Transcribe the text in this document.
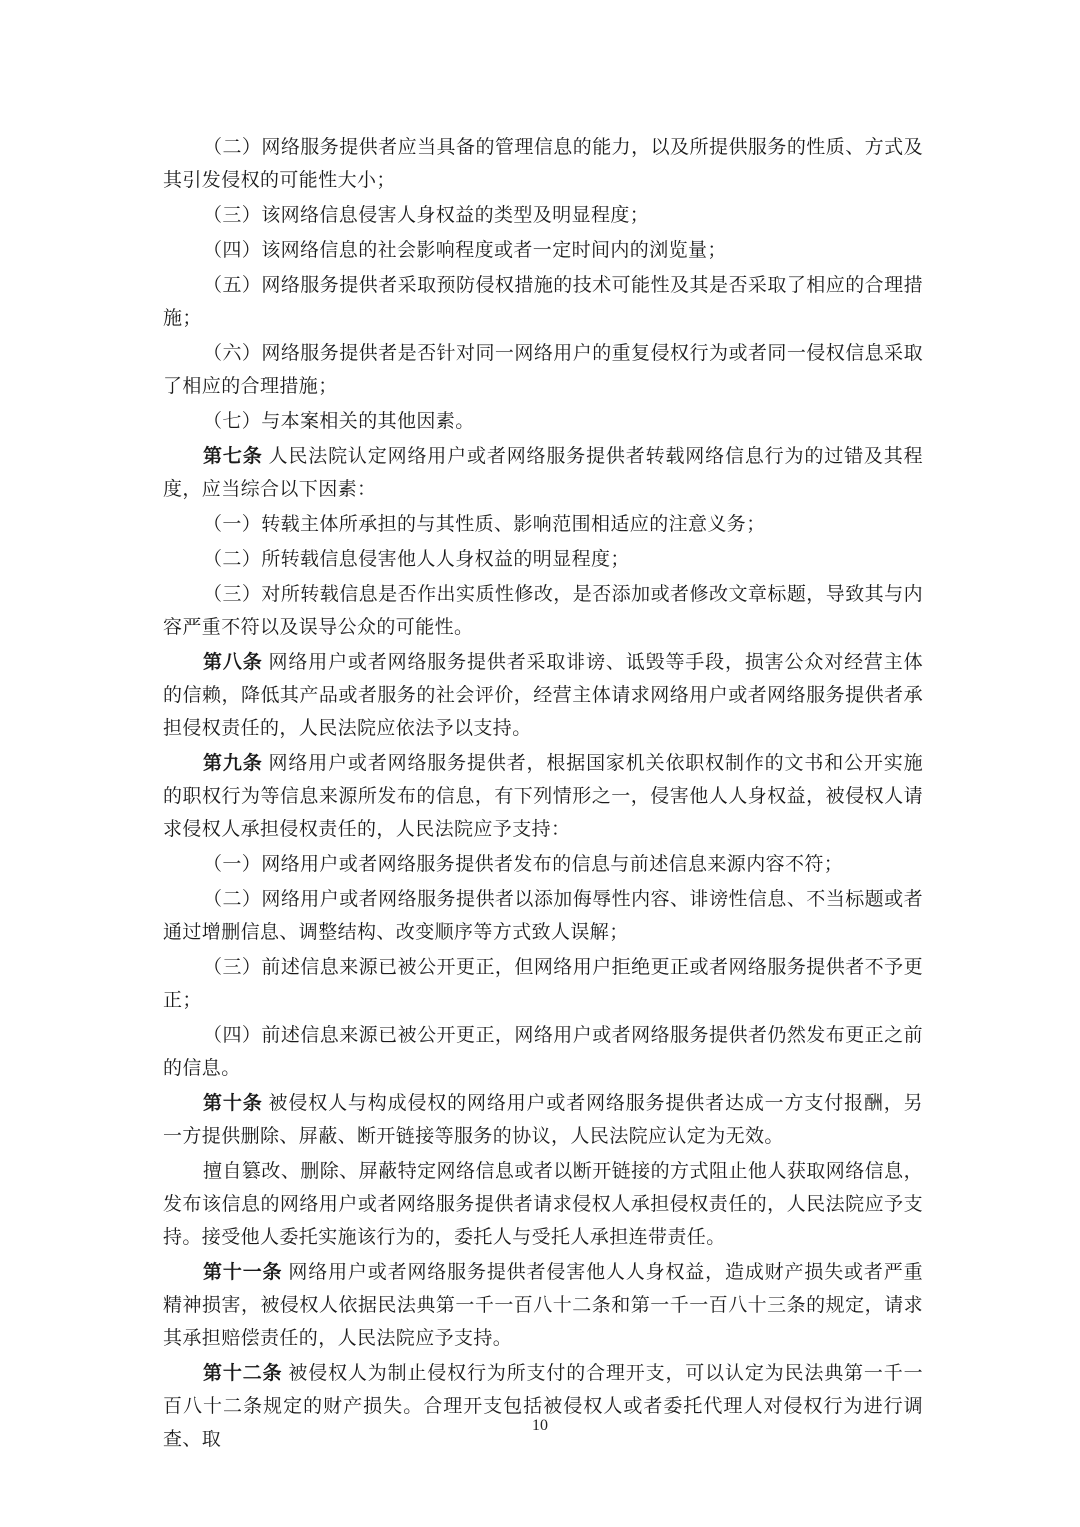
（二）网络服务提供者应当具备的管理信息的能力，以及所提供服务的性质、方式及其引发侵权的可能性大小；

（三）该网络信息侵害人身权益的类型及明显程度；

（四）该网络信息的社会影响程度或者一定时间内的浏览量；

（五）网络服务提供者采取预防侵权措施的技术可能性及其是否采取了相应的合理措施；

（六）网络服务提供者是否针对同一网络用户的重复侵权行为或者同一侵权信息采取了相应的合理措施；

（七）与本案相关的其他因素。

第七条 人民法院认定网络用户或者网络服务提供者转载网络信息行为的过错及其程度，应当综合以下因素：

（一）转载主体所承担的与其性质、影响范围相适应的注意义务；

（二）所转载信息侵害他人人身权益的明显程度；

（三）对所转载信息是否作出实质性修改，是否添加或者修改文章标题，导致其与内容严重不符以及误导公众的可能性。

第八条 网络用户或者网络服务提供者采取诽谤、诋毁等手段，损害公众对经营主体的信赖，降低其产品或者服务的社会评价，经营主体请求网络用户或者网络服务提供者承担侵权责任的，人民法院应依法予以支持。

第九条 网络用户或者网络服务提供者，根据国家机关依职权制作的文书和公开实施的职权行为等信息来源所发布的信息，有下列情形之一，侵害他人人身权益，被侵权人请求侵权人承担侵权责任的，人民法院应予支持：

（一）网络用户或者网络服务提供者发布的信息与前述信息来源内容不符；

（二）网络用户或者网络服务提供者以添加侮辱性内容、诽谤性信息、不当标题或者通过增删信息、调整结构、改变顺序等方式致人误解；

（三）前述信息来源已被公开更正，但网络用户拒绝更正或者网络服务提供者不予更正；

（四）前述信息来源已被公开更正，网络用户或者网络服务提供者仍然发布更正之前的信息。

第十条 被侵权人与构成侵权的网络用户或者网络服务提供者达成一方支付报酬，另一方提供删除、屏蔽、断开链接等服务的协议，人民法院应认定为无效。

擅自篡改、删除、屏蔽特定网络信息或者以断开链接的方式阻止他人获取网络信息，发布该信息的网络用户或者网络服务提供者请求侵权人承担侵权责任的，人民法院应予支持。接受他人委托实施该行为的，委托人与受托人承担连带责任。

第十一条 网络用户或者网络服务提供者侵害他人人身权益，造成财产损失或者严重精神损害，被侵权人依据民法典第一千一百八十二条和第一千一百八十三条的规定，请求其承担赔偿责任的，人民法院应予支持。

第十二条 被侵权人为制止侵权行为所支付的合理开支，可以认定为民法典第一千一百八十二条规定的财产损失。合理开支包括被侵权人或者委托代理人对侵权行为进行调查、取

10
